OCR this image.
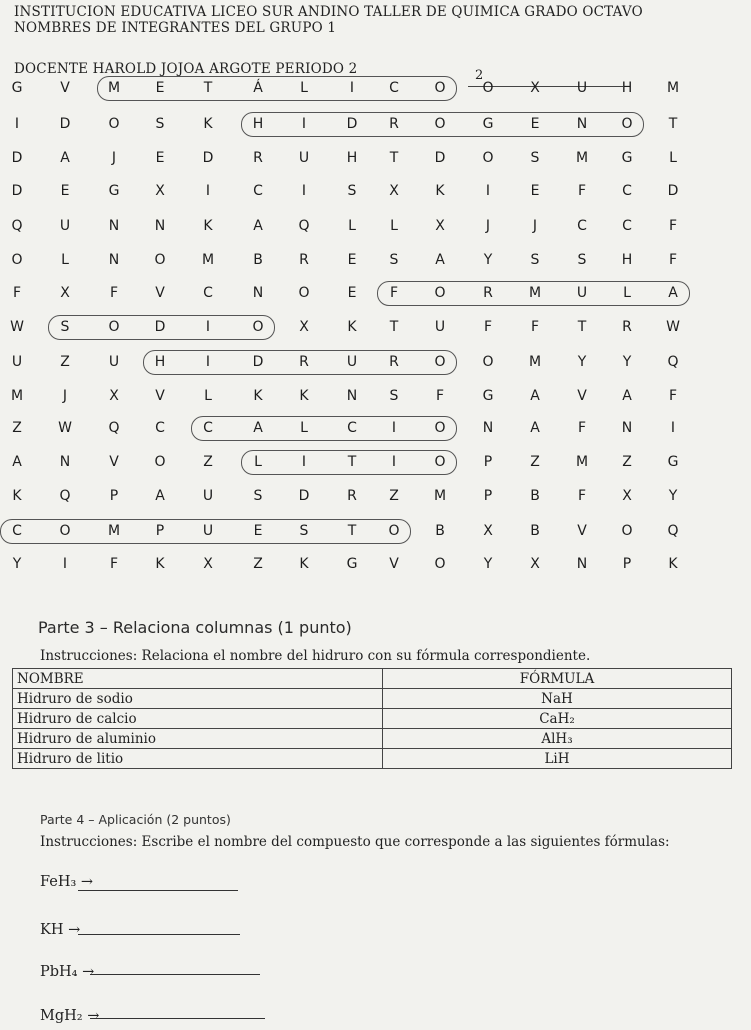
INSTITUCION EDUCATIVA LICEO SUR ANDINO TALLER DE QUIMICA GRADO OCTAVO
NOMBRES DE INTEGRANTES DEL GRUPO 1
DOCENTE HAROLD JOJOA ARGOTE PERIODO 2	2
G	V	M	E	T	Á	L	I	C	O	O	X	U	H	M
I	D	O	S	K	H	I	D	R	O	G	E	N	O	T
D	A	J	E	D	R	U	H	T	D	O	S	M	G	L
D	E	G	X	I	C	I	S	X	K	I	E	F	C	D
Q	U	N	N	K	A	Q	L	L	X	J	J	C	C	F
O	L	N	O	M	B	R	E	S	A	Y	S	S	H	F
F	X	F	V	C	N	O	E	F	O	R	M	U	L	A
W	S	O	D	I	O	X	K	T	U	F	F	T	R	W
U	Z	U	H	I	D	R	U	R	O	O	M	Y	Y	Q
M	J	X	V	L	K	K	N	S	F	G	A	V	A	F
Z	W	Q	C	C	A	L	C	I	O	N	A	F	N	I
A	N	V	O	Z	L	I	T	I	O	P	Z	M	Z	G
K	Q	P	A	U	S	D	R	Z	M	P	B	F	X	Y
C	O	M	P	U	E	S	T	O	B	X	B	V	O	Q
Y	I	F	K	X	Z	K	G	V	O	Y	X	N	P	K
Parte 3 – Relaciona columnas (1 punto)
Instrucciones: Relaciona el nombre del hidruro con su fórmula correspondiente.
NOMBRE	FÓRMULA
Hidruro de sodio	NaH
Hidruro de calcio	CaH₂
Hidruro de aluminio	AlH₃
Hidruro de litio	LiH
Parte 4 – Aplicación (2 puntos)
Instrucciones: Escribe el nombre del compuesto que corresponde a las siguientes fórmulas:
FeH₃ →
KH →
PbH₄ →
MgH₂ →
